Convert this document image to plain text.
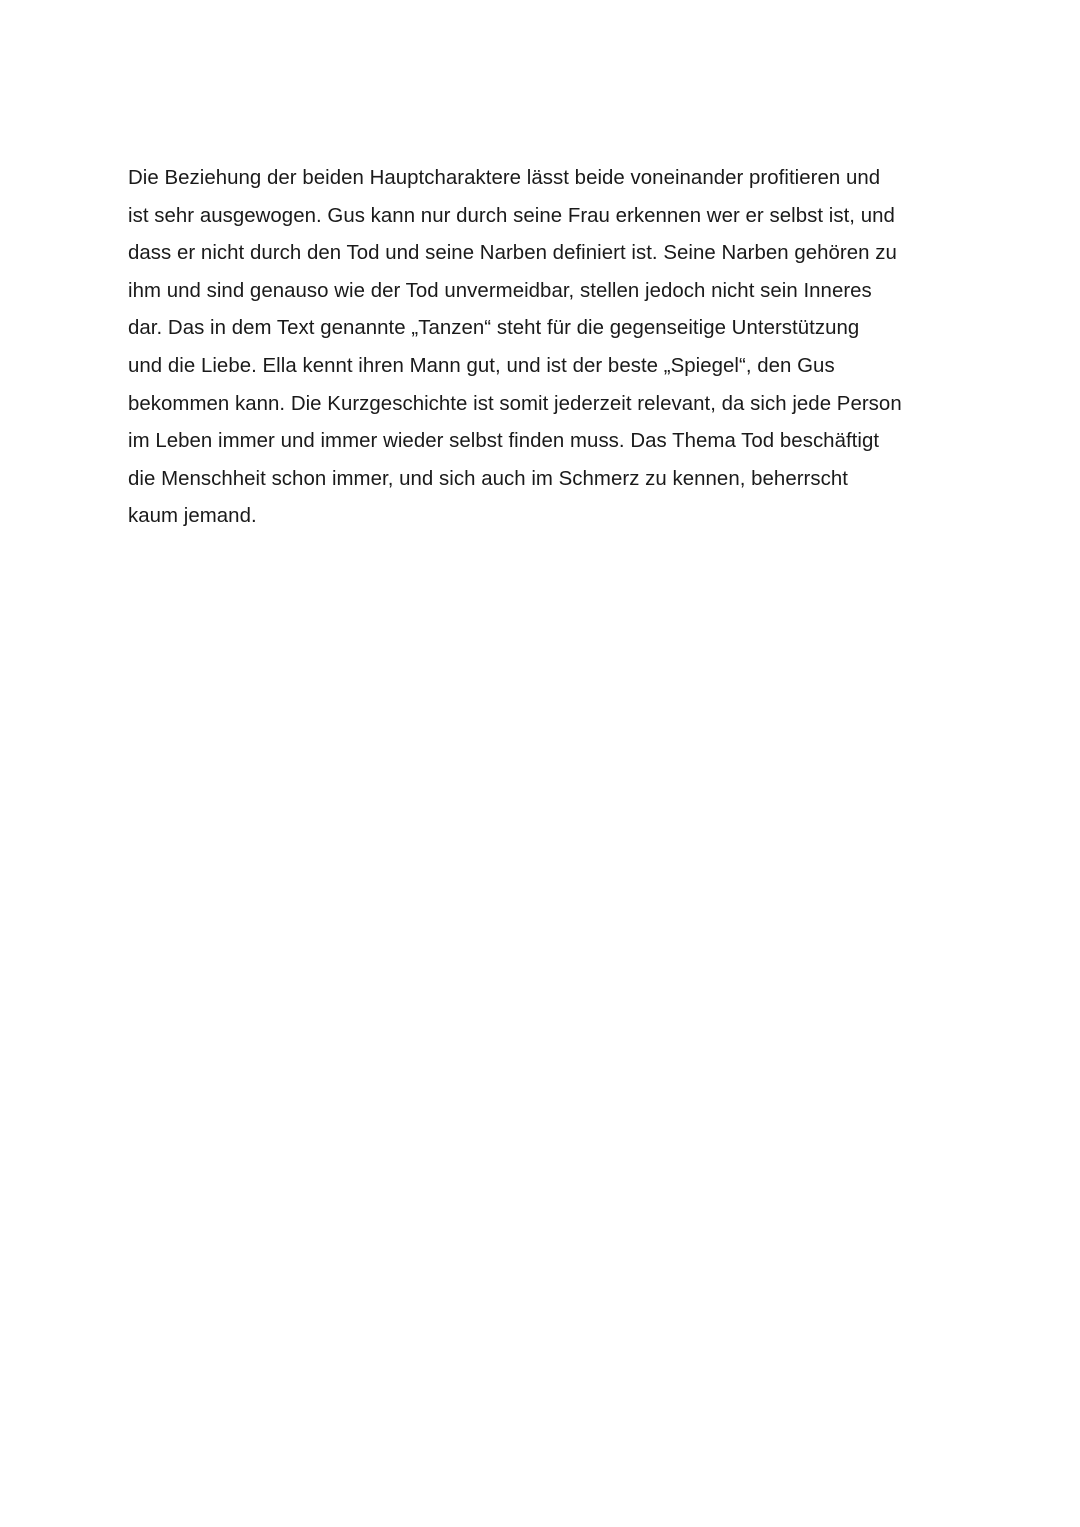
Die Beziehung der beiden Hauptcharaktere lässt beide voneinander profitieren und
ist sehr ausgewogen. Gus kann nur durch seine Frau erkennen wer er selbst ist, und
dass er nicht durch den Tod und seine Narben definiert ist. Seine Narben gehören zu
ihm und sind genauso wie der Tod unvermeidbar, stellen jedoch nicht sein Inneres
dar. Das in dem Text genannte „Tanzen“ steht für die gegenseitige Unterstützung
und die Liebe. Ella kennt ihren Mann gut, und ist der beste „Spiegel“, den Gus
bekommen kann. Die Kurzgeschichte ist somit jederzeit relevant, da sich jede Person
im Leben immer und immer wieder selbst finden muss. Das Thema Tod beschäftigt
die Menschheit schon immer, und sich auch im Schmerz zu kennen, beherrscht
kaum jemand.
